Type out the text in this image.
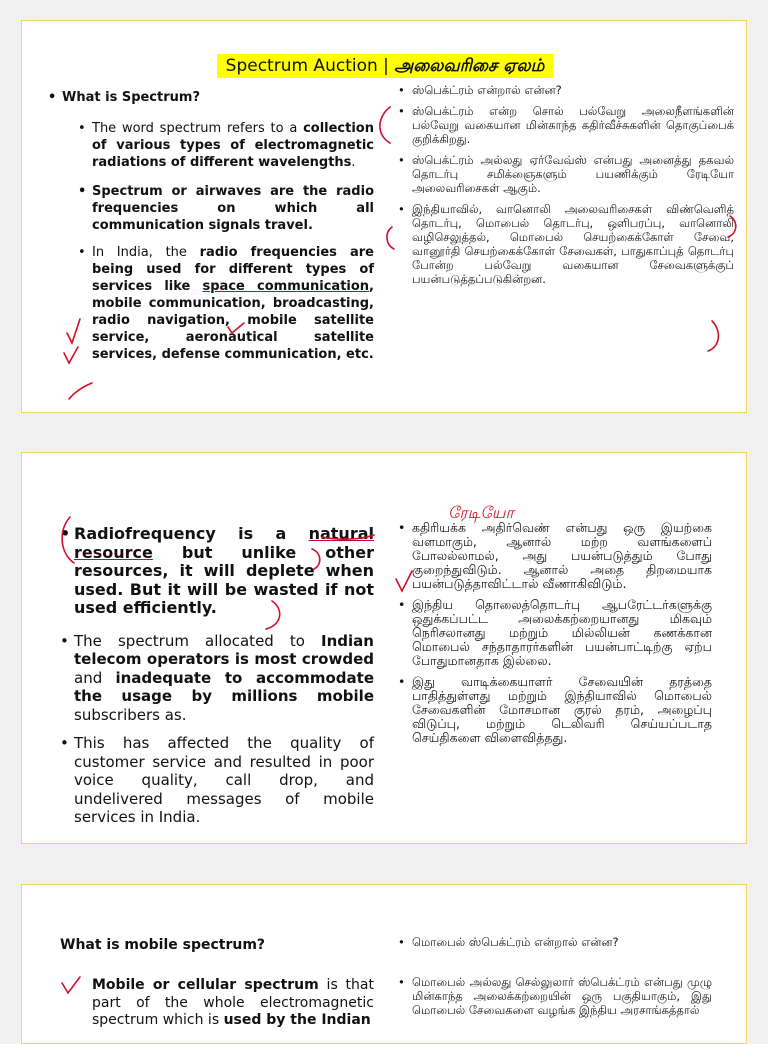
Spectrum Auction | அலைவரிசை ஏலம்
• What is Spectrum?
• The word spectrum refers to a collection of various types of electromagnetic radiations of different wavelengths.
• Spectrum or airwaves are the radio frequencies on which all communication signals travel.
• In India, the radio frequencies are being used for different types of services like space communication, mobile communication, broadcasting, radio navigation, mobile satellite service, aeronautical satellite services, defense communication, etc.
• ஸ்பெக்ட்ரம் என்றால் என்ன?
• ஸ்பெக்ட்ரம் என்ற சொல் பல்வேறு அலைநீளங்களின் பல்வேறு வகையான மின்காந்த கதிர்வீச்சுகளின் தொகுப்பைக் குறிக்கிறது.
• ஸ்பெக்ட்ரம் அல்லது ஏர்வேவ்ஸ் என்பது அனைத்து தகவல் தொடர்பு சமிக்ஞைகளும் பயணிக்கும் ரேடியோ அலைவரிசைகள் ஆகும்.
• இந்தியாவில், வானொலி அலைவரிசைகள் விண்வெளித் தொடர்பு, மொபைல் தொடர்பு, ஒளிபரப்பு, வானொலி வழிசெலுத்தல், மொபைல் செயற்கைக்கோள் சேவை, வானூர்தி செயற்கைக்கோள் சேவைகள், பாதுகாப்புத் தொடர்பு போன்ற பல்வேறு வகையான சேவைகளுக்குப் பயன்படுத்தப்படுகின்றன.
• Radiofrequency is a natural resource but unlike other resources, it will deplete when used. But it will be wasted if not used efficiently.
• The spectrum allocated to Indian telecom operators is most crowded and inadequate to accommodate the usage by millions mobile subscribers as.
• This has affected the quality of customer service and resulted in poor voice quality, call drop, and undelivered messages of mobile services in India.
• கதிரியக்க அதிர்வெண் என்பது ஒரு இயற்கை வளமாகும், ஆனால் மற்ற வளங்களைப் போலல்லாமல், அது பயன்படுத்தும் போது குறைந்துவிடும். ஆனால் அதை திறமையாக பயன்படுத்தாவிட்டால் வீணாகிவிடும்.
• இந்திய தொலைத்தொடர்பு ஆபரேட்டர்களுக்கு ஒதுக்கப்பட்ட அலைக்கற்றையானது மிகவும் நெரிசலானது மற்றும் மில்லியன் கணக்கான மொபைல் சந்தாதாரர்களின் பயன்பாட்டிற்கு ஏற்ப போதுமானதாக இல்லை.
• இது வாடிக்கையாளர் சேவையின் தரத்தை பாதித்துள்ளது மற்றும் இந்தியாவில் மொபைல் சேவைகளின் மோசமான குரல் தரம், அழைப்பு விடுப்பு, மற்றும் டெலிவரி செய்யப்படாத செய்திகளை விளைவித்தது.
ரேடியோ
What is mobile spectrum?
Mobile or cellular spectrum is that part of the whole electromagnetic spectrum which is used by the Indian
• மொபைல் ஸ்பெக்ட்ரம் என்றால் என்ன?
• மொபைல் அல்லது செல்லுலார் ஸ்பெக்ட்ரம் என்பது முழு மின்காந்த அலைக்கற்றையின் ஒரு பகுதியாகும், இது மொபைல் சேவைகளை வழங்க இந்திய அரசாங்கத்தால்
